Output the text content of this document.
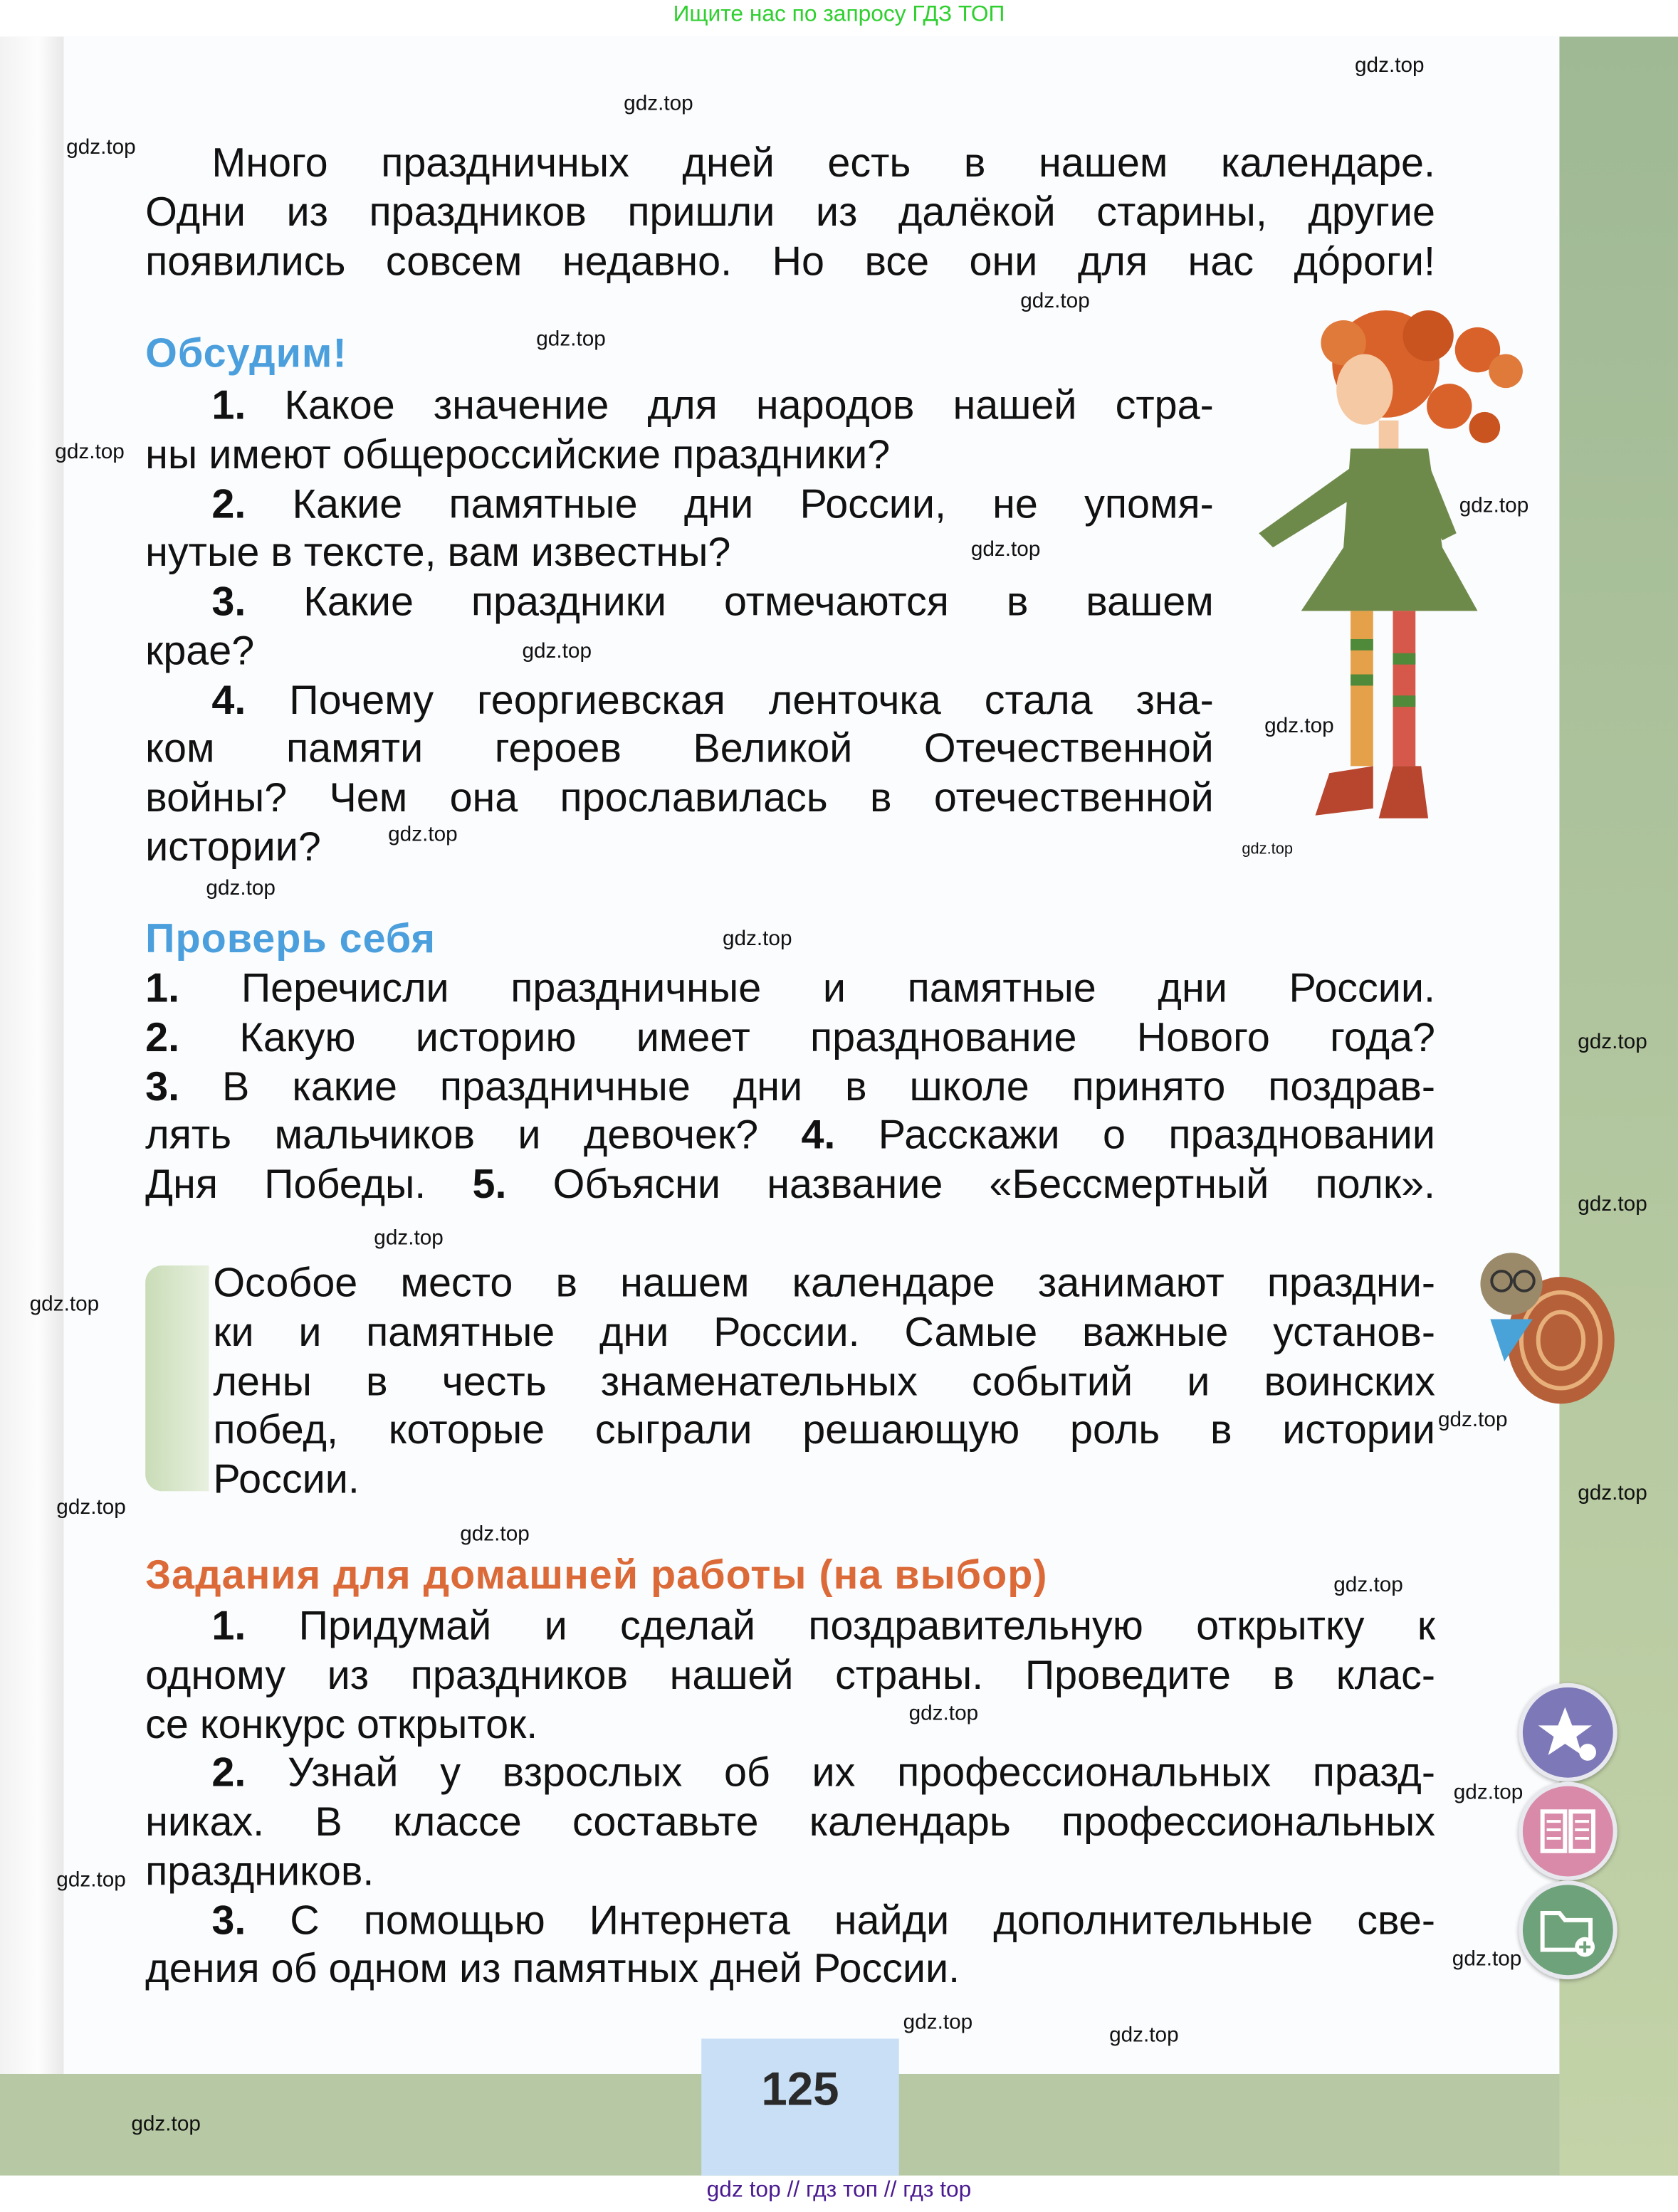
Ищите нас по запросу ГДЗ ТОП
125
Много праздничных дней есть в нашем календаре.
Одни из праздников пришли из далёкой старины, другие
появились совсем недавно. Но все они для нас до́роги!
Обсудим!
1. Какое значение для народов нашей стра-
ны имеют общероссийские праздники?
2. Какие памятные дни России, не упомя-
нутые в тексте, вам известны?
3. Какие праздники отмечаются в вашем
крае?
4. Почему георгиевская ленточка стала зна-
ком памяти героев Великой Отечественной
войны? Чем она прославилась в отечественной
истории?
Проверь себя
1. Перечисли праздничные и памятные дни России.
2. Какую историю имеет празднование Нового года?
3. В какие праздничные дни в школе принято поздрав-
лять мальчиков и девочек? 4. Расскажи о праздновании
Дня Победы. 5. Объясни название «Бессмертный полк».
Особое место в нашем календаре занимают праздни-
ки и памятные дни России. Самые важные установ-
лены в честь знаменательных событий и воинских
побед, которые сыграли решающую роль в истории
России.
Задания для домашней работы (на выбор)
1. Придумай и сделай поздравительную открытку к
одному из праздников нашей страны. Проведите в клас-
се конкурс открыток.
2. Узнай у взрослых об их профессиональных празд-
никах. В классе составьте календарь профессиональных
праздников.
3. С помощью Интернета найди дополнительные све-
дения об одном из памятных дней России.
gdz.top
gdz.top
gdz.top
gdz.top
gdz.top
gdz.top
gdz.top
gdz.top
gdz.top
gdz.top
gdz.top
gdz.top
gdz.top
gdz.top
gdz.top
gdz.top
gdz.top
gdz.top
gdz.top
gdz.top
gdz.top
gdz.top
gdz.top
gdz.top
gdz.top
gdz.top
gdz.top
gdz.top
gdz.top
gdz.top
gdz top // гдз топ // гдз top
